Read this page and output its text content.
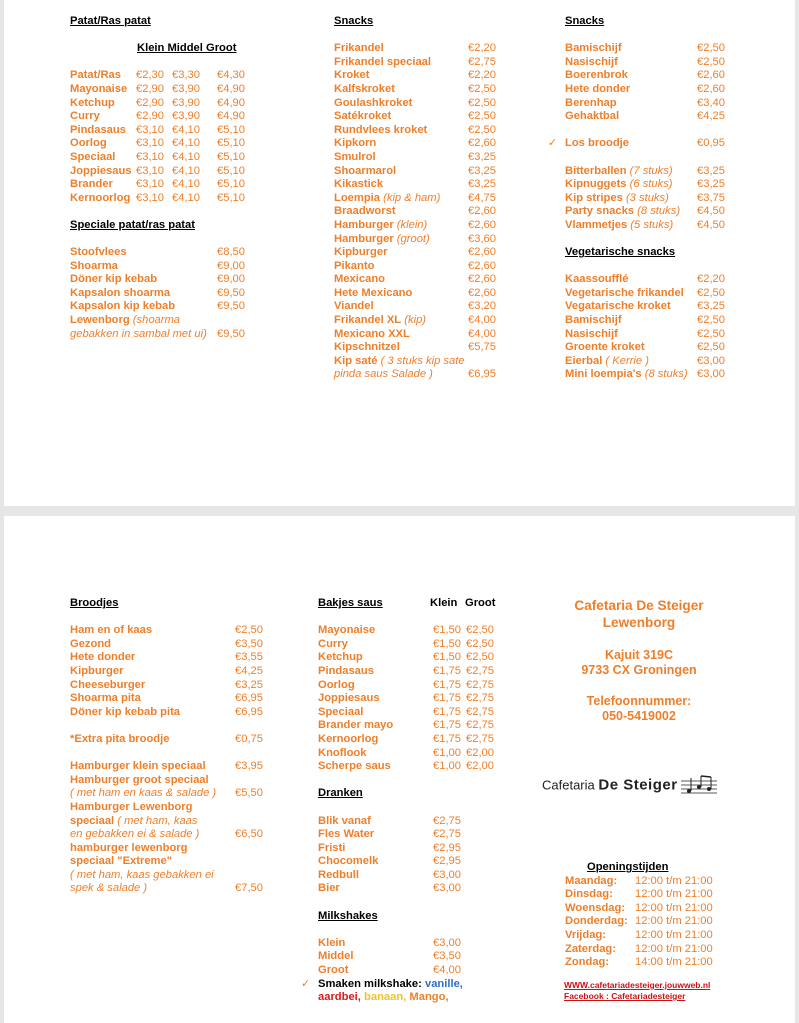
Patat/Ras patat
Klein Middel Groot
Patat/Ras €2,30 €3,30 €4,30
Mayonaise €2,90 €3,90 €4,90
Ketchup €2,90 €3,90 €4,90
Curry	€2,90 €3,90 €4,90
Pindasaus €3,10 €4,10 €5,10
Oorlog	€3,10 €4,10 €5,10
Speciaal €3,10 €4,10 €5,10
Joppiesaus €3,10 €4,10 €5,10
Brander €3,10 €4,10 €5,10
Kernoorlog €3,10 €4,10 €5,10
Speciale patat/ras patat
Stoofvlees	€8,50
Shoarma	€9,00
Döner kip kebab	€9,00
Kapsalon shoarma	€9,50
Kapsalon kip kebab	€9,50
Lewenborg (shoarma
gebakken in sambal met ui) €9,50
Snacks
Frikandel	€2,20
Frikandel speciaal	€2,75
Kroket	€2,20
Kalfskroket	€2,50
Goulashkroket	€2,50
Satékroket	€2,50
Rundvlees kroket	€2,50
Kipkorn	€2,60
Smulrol	€3,25
Shoarmarol	€3,25
Kikastick	€3,25
Loempia (kip & ham) €4,75
Braadworst	€2,60
Hamburger (klein)	€2,60
Hamburger (groot)	€3,60
Kipburger	€2,60
Pikanto	€2,60
Mexicano	€2,60
Hete Mexicano	€2,60
Viandel	€3,20
Frikandel XL (kip)	€4,00
Mexicano XXL	€4,00
Kipschnitzel	€5,75
Kip saté ( 3 stuks kip sate
pinda saus Salade )	€6,95
Snacks
Bamischijf	€2,50
Nasischijf	€2,50
Boerenbrok	€2,60
Hete donder	€2,60
Berenhap	€3,40
Gehaktbal	€4,25
✓ Los broodje	€0,95
Bitterballen (7 stuks) €3,25
Kipnuggets (6 stuks) €3,25
Kip stripes (3 stuks)	€3,75
Party snacks (8 stuks) €4,50
Vlammetjes (5 stuks) €4,50
Vegetarische snacks
Kaassoufflé	€2,20
Vegetarische frikandel €2,50
Vegatarische kroket €3,25
Bamischijf	€2,50
Nasischijf	€2,50
Groente kroket	€2,50
Eierbal ( Kerrie )	€3,00
Mini loempia's (8 stuks) €3,00
Broodjes
Ham en of kaas	€2,50
Gezond	€3,50
Hete donder	€3,55
Kipburger	€4,25
Cheeseburger	€3,25
Shoarma pita	€6,95
Döner kip kebab pita	€6,95
*Extra pita broodje	€0,75
Hamburger klein speciaal	€3,95
Hamburger groot speciaal
( met ham en kaas & salade ) €5,50
Hamburger Lewenborg
speciaal ( met ham, kaas
en gebakken ei & salade )	€6,50
hamburger lewenborg
speciaal "Extreme"
( met ham, kaas gebakken ei
spek & salade )	€7,50
Bakjes saus	Klein Groot
Mayonaise	€1,50 €2,50
Curry	€1,50 €2,50
Ketchup	€1,50 €2,50
Pindasaus	€1,75 €2,75
Oorlog	€1,75 €2,75
Joppiesaus	€1,75 €2,75
Speciaal	€1,75 €2,75
Brander mayo	€1,75 €2,75
Kernoorlog	€1,75 €2,75
Knoflook	€1,00 €2,00
Scherpe saus	€1,00 €2,00
Dranken
Blik vanaf	€2,75
Fles Water	€2,75
Fristi	€2,95
Chocomelk	€2,95
Redbull	€3,00
Bier	€3,00
Milkshakes
Klein	€3,00
Middel	€3,50
Groot	€4,00
✓ Smaken milkshake: vanille,
aardbei, banaan, Mango,
Cafetaria De Steiger
Lewenborg
Kajuit 319C
9733 CX Groningen
Telefoonnummer:
050-5419002
Cafetaria De Steiger
Openingstijden
Maandag: 12:00 t/m 21:00
Dinsdag: 12:00 t/m 21:00
Woensdag: 12:00 t/m 21:00
Donderdag: 12:00 t/m 21:00
Vrijdag:	12:00 t/m 21:00
Zaterdag: 12:00 t/m 21:00
Zondag: 14:00 t/m 21:00
WWW.cafetariadesteiger.jouwweb.nl
Facebook : Cafetariadesteiger
